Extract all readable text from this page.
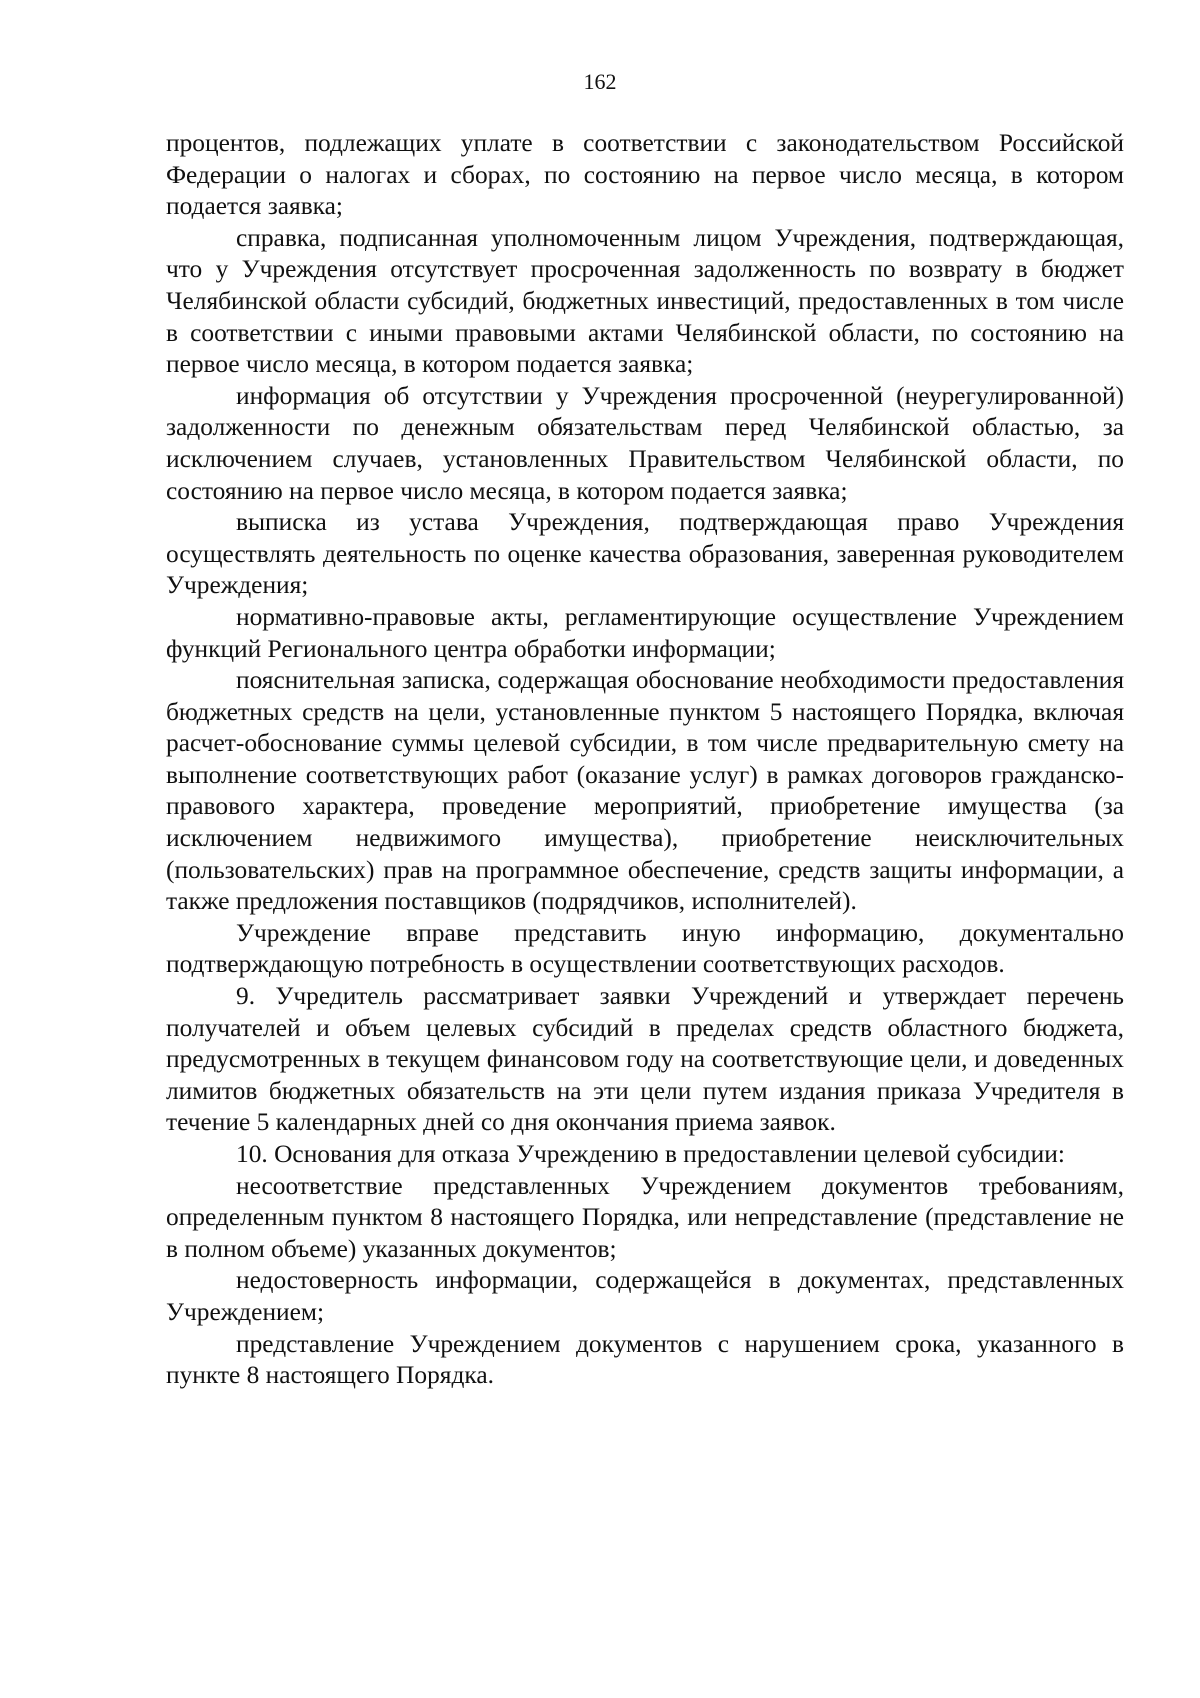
162

процентов, подлежащих уплате в соответствии с законодательством Российской Федерации о налогах и сборах, по состоянию на первое число месяца, в котором подается заявка;

справка, подписанная уполномоченным лицом Учреждения, подтверждающая, что у Учреждения отсутствует просроченная задолженность по возврату в бюджет Челябинской области субсидий, бюджетных инвестиций, предоставленных в том числе в соответствии с иными правовыми актами Челябинской области, по состоянию на первое число месяца, в котором подается заявка;

информация об отсутствии у Учреждения просроченной (неурегулированной) задолженности по денежным обязательствам перед Челябинской областью, за исключением случаев, установленных Правительством Челябинской области, по состоянию на первое число месяца, в котором подается заявка;

выписка из устава Учреждения, подтверждающая право Учреждения осуществлять деятельность по оценке качества образования, заверенная руководителем Учреждения;

нормативно-правовые акты, регламентирующие осуществление Учреждением функций Регионального центра обработки информации;

пояснительная записка, содержащая обоснование необходимости предоставления бюджетных средств на цели, установленные пунктом 5 настоящего Порядка, включая расчет-обоснование суммы целевой субсидии, в том числе предварительную смету на выполнение соответствующих работ (оказание услуг) в рамках договоров гражданско-правового характера, проведение мероприятий, приобретение имущества (за исключением недвижимого имущества), приобретение неисключительных (пользовательских) прав на программное обеспечение, средств защиты информации, а также предложения поставщиков (подрядчиков, исполнителей).

Учреждение вправе представить иную информацию, документально подтверждающую потребность в осуществлении соответствующих расходов.

9. Учредитель рассматривает заявки Учреждений и утверждает перечень получателей и объем целевых субсидий в пределах средств областного бюджета, предусмотренных в текущем финансовом году на соответствующие цели, и доведенных лимитов бюджетных обязательств на эти цели путем издания приказа Учредителя в течение 5 календарных дней со дня окончания приема заявок.

10. Основания для отказа Учреждению в предоставлении целевой субсидии:

несоответствие представленных Учреждением документов требованиям, определенным пунктом 8 настоящего Порядка, или непредставление (представление не в полном объеме) указанных документов;

недостоверность информации, содержащейся в документах, представленных Учреждением;

представление Учреждением документов с нарушением срока, указанного в пункте 8 настоящего Порядка.
